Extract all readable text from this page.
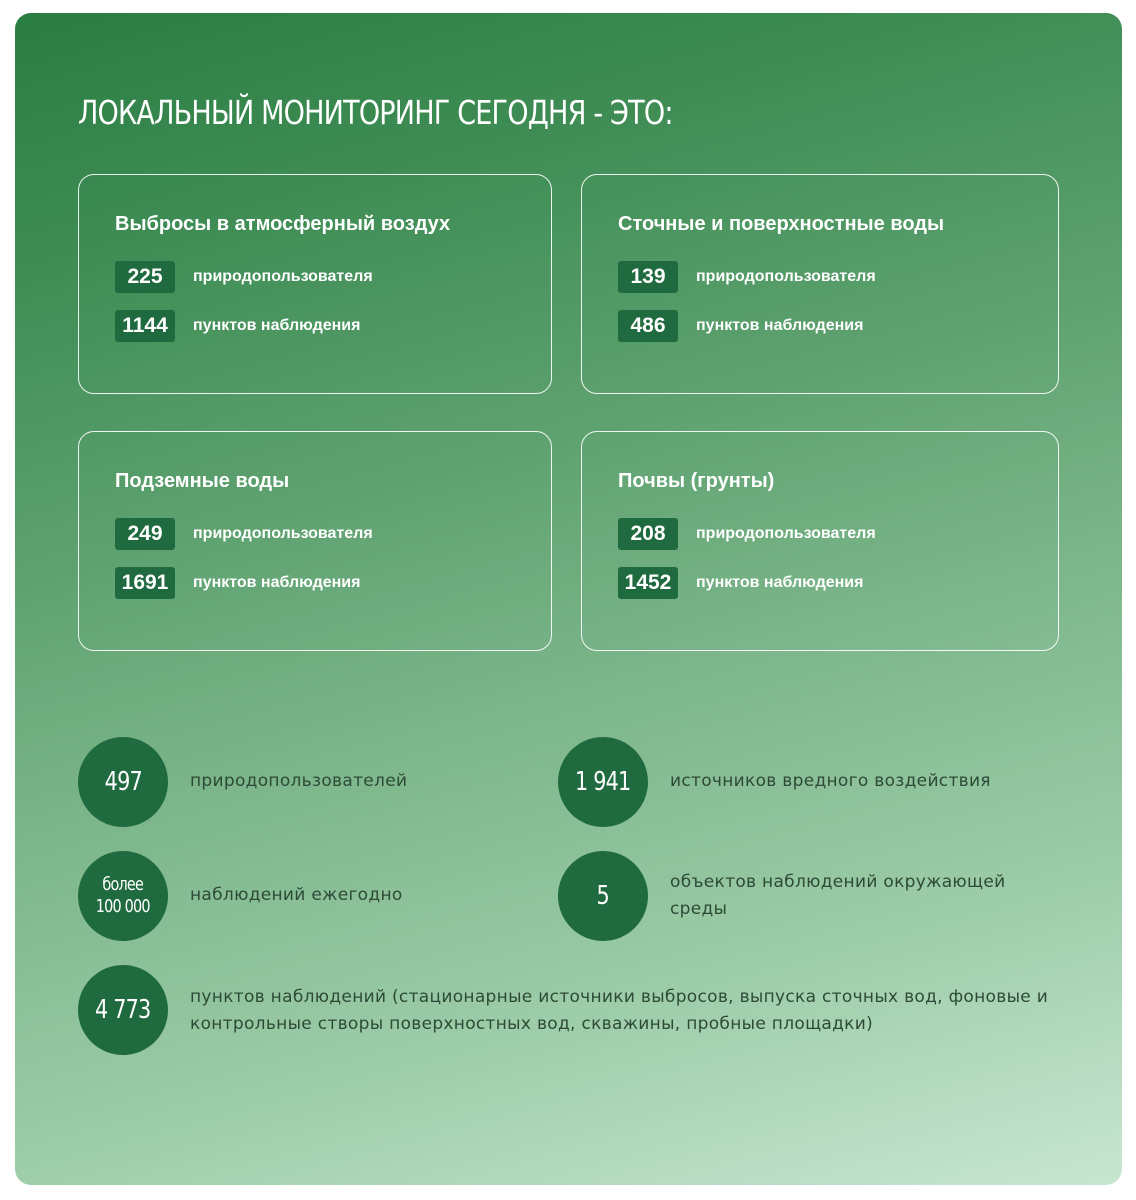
ЛОКАЛЬНЫЙ МОНИТОРИНГ СЕГОДНЯ - ЭТО:
Выбросы в атмосферный воздух
225	природопользователя
1144	пунктов наблюдения
Сточные и поверхностные воды
139	природопользователя
486	пунктов наблюдения
Подземные воды
249	природопользователя
1691	пунктов наблюдения
Почвы (грунты)
208	природопользователя
1452	пунктов наблюдения
497	природопользователей	1 941 источников вредного воздействия
более
100 000
наблюдений ежегодно	5	объектов наблюдений окружающей
среды
4 773 пунктов наблюдений (стационарные источники выбросов, выпуска сточных вод, фоновые и
контрольные створы поверхностных вод, скважины, пробные площадки)
